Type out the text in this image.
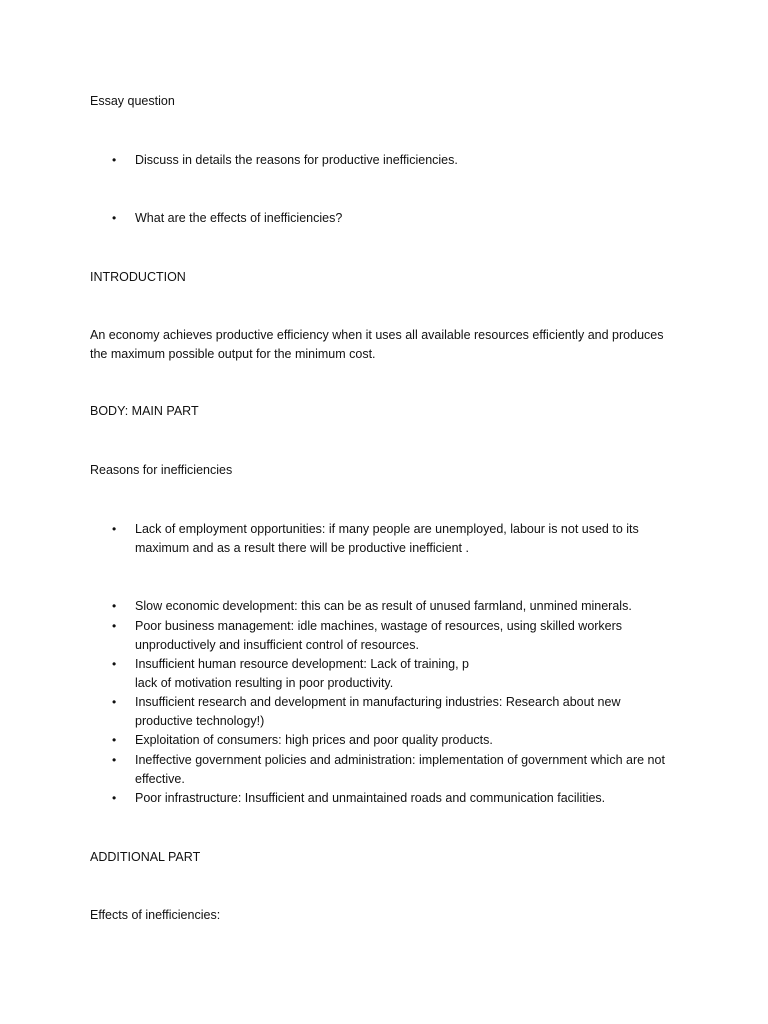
Essay question
•	Discuss in details the reasons for productive inefficiencies.
•	What are the effects of inefficiencies?
INTRODUCTION
An economy achieves productive efficiency when it uses all available resources efficiently and produces the maximum possible output for the minimum cost.
BODY: MAIN PART
Reasons for inefficiencies
•	Lack of employment opportunities: if many people are unemployed, labour is not used to its maximum and as a result there will be productive inefficient .
•	Slow economic development: this can be as result of unused farmland, unmined minerals.
•	Poor business management: idle machines, wastage of resources, using skilled workers unproductively and insufficient control of resources.
•	Insufficient human resource development: Lack of training, p
lack of motivation resulting in poor productivity.
•	Insufficient research and development in manufacturing industries: Research about new productive technology!)
•	Exploitation of consumers: high prices and poor quality products.
•	Ineffective government policies and administration: implementation of government which are not effective.
•	Poor infrastructure: Insufficient and unmaintained roads and communication facilities.
ADDITIONAL PART
Effects of inefficiencies:
